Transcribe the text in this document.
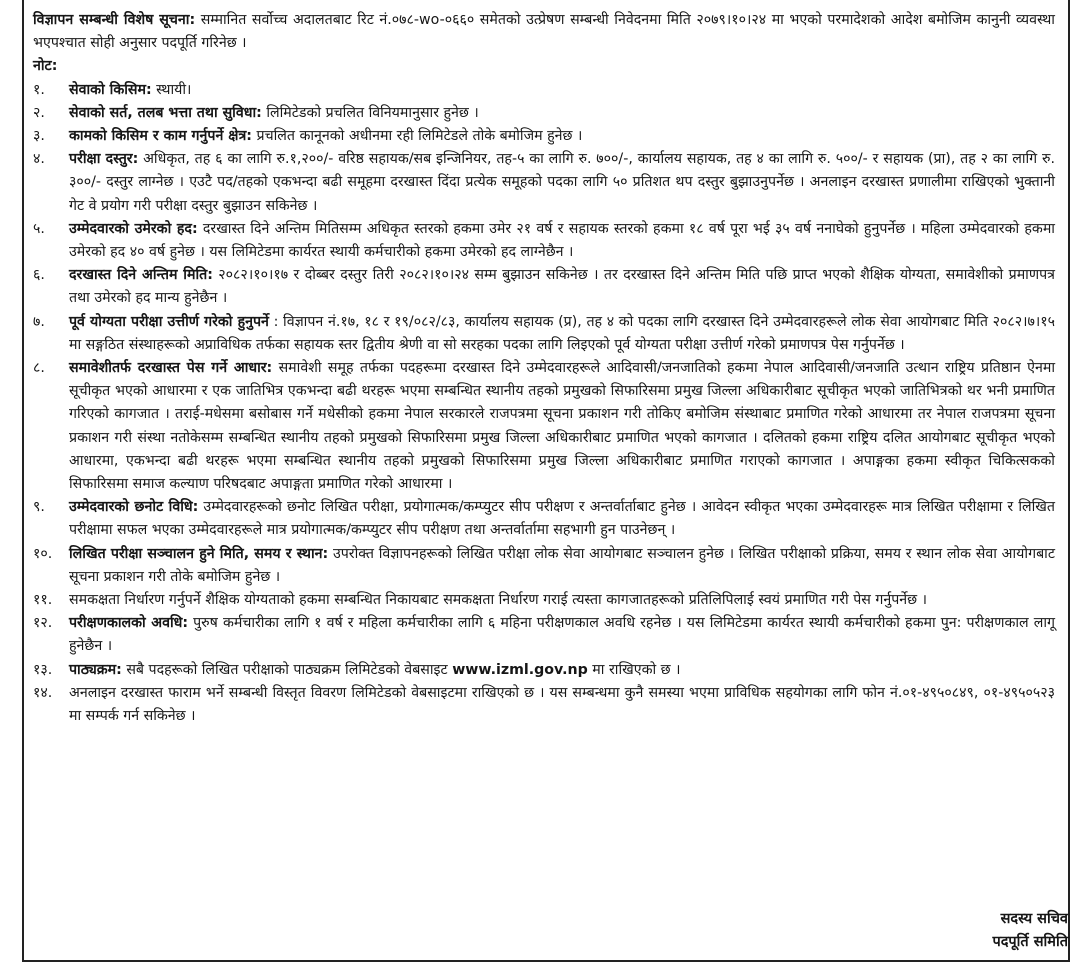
विज्ञापन सम्बन्धी विशेष सूचना: सम्मानित सर्वोच्च अदालतबाट रिट नं.०७८-wo-०६६० समेतको उत्प्रेषण सम्बन्धी निवेदनमा मिति २०७९।१०।२४ मा भएको परमादेशको आदेश बमोजिम कानुनी व्यवस्था भएपश्चात सोही अनुसार पदपूर्ति गरिनेछ ।

नोट:

१.	सेवाको किसिम: स्थायी।
२.	सेवाको सर्त, तलब भत्ता तथा सुविधा: लिमिटेडको प्रचलित विनियमानुसार हुनेछ ।
३.	कामको किसिम र काम गर्नुपर्ने क्षेत्र: प्रचलित कानूनको अधीनमा रही लिमिटेडले तोके बमोजिम हुनेछ ।
४.	परीक्षा दस्तुर: अधिकृत, तह ६ का लागि रु.१,२००/- वरिष्ठ सहायक/सब इन्जिनियर, तह-५ का लागि रु. ७००/-, कार्यालय सहायक, तह ४ का लागि रु. ५००/- र सहायक (प्रा), तह २ का लागि रु. ३००/- दस्तुर लाग्नेछ । एउटै पद/तहको एकभन्दा बढी समूहमा दरखास्त दिंदा प्रत्येक समूहको पदका लागि ५० प्रतिशत थप दस्तुर बुझाउनुपर्नेछ । अनलाइन दरखास्त प्रणालीमा राखिएको भुक्तानी गेट वे प्रयोग गरी परीक्षा दस्तुर बुझाउन सकिनेछ ।
५.	उम्मेदवारको उमेरको हद: दरखास्त दिने अन्तिम मितिसम्म अधिकृत स्तरको हकमा उमेर २१ वर्ष र सहायक स्तरको हकमा १८ वर्ष पूरा भई ३५ वर्ष ननाघेको हुनुपर्नेछ । महिला उम्मेदवारको हकमा उमेरको हद ४० वर्ष हुनेछ । यस लिमिटेडमा कार्यरत स्थायी कर्मचारीको हकमा उमेरको हद लाग्नेछैन ।
६.	दरखास्त दिने अन्तिम मिति: २०८२।१०।१७ र दोब्बर दस्तुर तिरी २०८२।१०।२४ सम्म बुझाउन सकिनेछ । तर दरखास्त दिने अन्तिम मिति पछि प्राप्त भएको शैक्षिक योग्यता, समावेशीको प्रमाणपत्र तथा उमेरको हद मान्य हुनेछैन ।
७.	पूर्व योग्यता परीक्षा उत्तीर्ण गरेको हुनुपर्ने : विज्ञापन नं.१७, १८ र १९/०८२/८३, कार्यालय सहायक (प्र), तह ४ को पदका लागि दरखास्त दिने उम्मेदवारहरूले लोक सेवा आयोगबाट मिति २०८२।७।१५ मा सङ्गठित संस्थाहरूको अप्राविधिक तर्फका सहायक स्तर द्वितीय श्रेणी वा सो सरहका पदका लागि लिइएको पूर्व योग्यता परीक्षा उत्तीर्ण गरेको प्रमाणपत्र पेस गर्नुपर्नेछ ।
८.	समावेशीतर्फ दरखास्त पेस गर्ने आधार: समावेशी समूह तर्फका पदहरूमा दरखास्त दिने उम्मेदवारहरूले आदिवासी/जनजातिको हकमा नेपाल आदिवासी/जनजाति उत्थान राष्ट्रिय प्रतिष्ठान ऐनमा सूचीकृत भएको आधारमा र एक जातिभित्र एकभन्दा बढी थरहरू भएमा सम्बन्धित स्थानीय तहको प्रमुखको सिफारिसमा प्रमुख जिल्ला अधिकारीबाट सूचीकृत भएको जातिभित्रको थर भनी प्रमाणित गरिएको कागजात । तराई-मधेसमा बसोबास गर्ने मधेसीको हकमा नेपाल सरकारले राजपत्रमा सूचना प्रकाशन गरी तोकिए बमोजिम संस्थाबाट प्रमाणित गरेको आधारमा तर नेपाल राजपत्रमा सूचना प्रकाशन गरी संस्था नतोकेसम्म सम्बन्धित स्थानीय तहको प्रमुखको सिफारिसमा प्रमुख जिल्ला अधिकारीबाट प्रमाणित भएको कागजात । दलितको हकमा राष्ट्रिय दलित आयोगबाट सूचीकृत भएको आधारमा, एकभन्दा बढी थरहरू भएमा सम्बन्धित स्थानीय तहको प्रमुखको सिफारिसमा प्रमुख जिल्ला अधिकारीबाट प्रमाणित गराएको कागजात । अपाङ्गका हकमा स्वीकृत चिकित्सकको सिफारिसमा समाज कल्याण परिषदबाट अपाङ्गता प्रमाणित गरेको आधारमा ।
९.	उम्मेदवारको छनोट विधि: उम्मेदवारहरूको छनोट लिखित परीक्षा, प्रयोगात्मक/कम्प्युटर सीप परीक्षण र अन्तर्वार्ताबाट हुनेछ । आवेदन स्वीकृत भएका उम्मेदवारहरू मात्र लिखित परीक्षामा र लिखित परीक्षामा सफल भएका उम्मेदवारहरूले मात्र प्रयोगात्मक/कम्प्युटर सीप परीक्षण तथा अन्तर्वार्तामा सहभागी हुन पाउनेछन् ।
१०.	लिखित परीक्षा सञ्चालन हुने मिति, समय र स्थान: उपरोक्त विज्ञापनहरूको लिखित परीक्षा लोक सेवा आयोगबाट सञ्चालन हुनेछ । लिखित परीक्षाको प्रक्रिया, समय र स्थान लोक सेवा आयोगबाट सूचना प्रकाशन गरी तोके बमोजिम हुनेछ ।
११.	समकक्षता निर्धारण गर्नुपर्ने शैक्षिक योग्यताको हकमा सम्बन्धित निकायबाट समकक्षता निर्धारण गराई त्यस्ता कागजातहरूको प्रतिलिपिलाई स्वयं प्रमाणित गरी पेस गर्नुपर्नेछ ।
१२.	परीक्षणकालको अवधि: पुरुष कर्मचारीका लागि १ वर्ष र महिला कर्मचारीका लागि ६ महिना परीक्षणकाल अवधि रहनेछ । यस लिमिटेडमा कार्यरत स्थायी कर्मचारीको हकमा पुन: परीक्षणकाल लागू हुनेछैन ।
१३.	पाठ्यक्रम: सबै पदहरूको लिखित परीक्षाको पाठ्यक्रम लिमिटेडको वेबसाइट www.izml.gov.np मा राखिएको छ ।
१४.	अनलाइन दरखास्त फाराम भर्ने सम्बन्धी विस्तृत विवरण लिमिटेडको वेबसाइटमा राखिएको छ । यस सम्बन्धमा कुनै समस्या भएमा प्राविधिक सहयोगका लागि फोन नं.०१-४९५०८४९, ०१-४९५०५२३ मा सम्पर्क गर्न सकिनेछ ।
सदस्य सचिव
पदपूर्ति समिति
